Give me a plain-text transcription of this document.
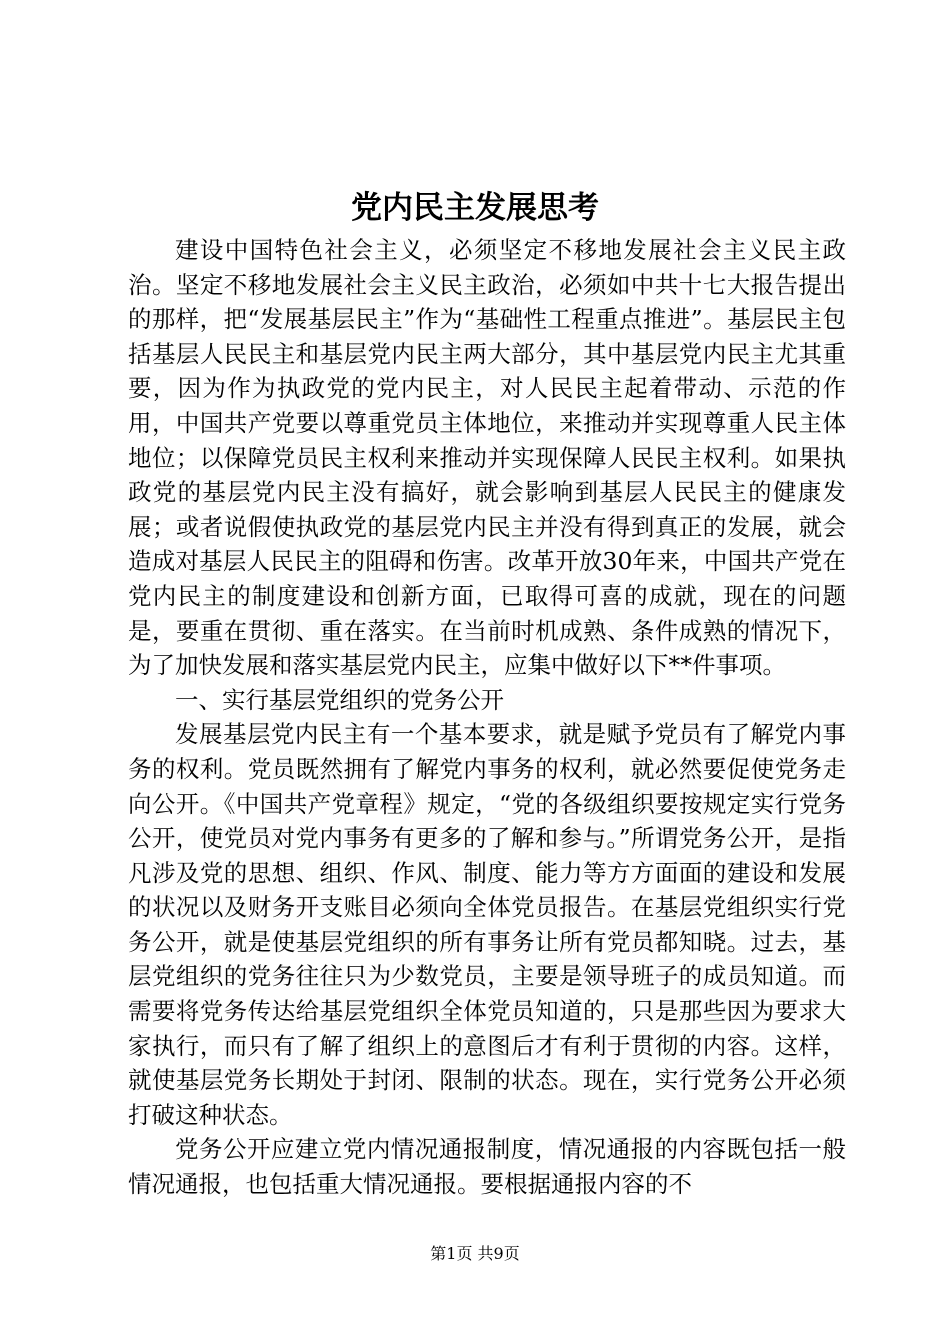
党内民主发展思考

建设中国特色社会主义，必须坚定不移地发展社会主义民主政治。坚定不移地发展社会主义民主政治，必须如中共十七大报告提出的那样，把“发展基层民主”作为“基础性工程重点推进”。基层民主包括基层人民民主和基层党内民主两大部分，其中基层党内民主尤其重要，因为作为执政党的党内民主，对人民民主起着带动、示范的作用，中国共产党要以尊重党员主体地位，来推动并实现尊重人民主体地位；以保障党员民主权利来推动并实现保障人民民主权利。如果执政党的基层党内民主没有搞好，就会影响到基层人民民主的健康发展；或者说假使执政党的基层党内民主并没有得到真正的发展，就会造成对基层人民民主的阻碍和伤害。改革开放30年来，中国共产党在党内民主的制度建设和创新方面，已取得可喜的成就，现在的问题是，要重在贯彻、重在落实。在当前时机成熟、条件成熟的情况下，为了加快发展和落实基层党内民主，应集中做好以下**件事项。

一、实行基层党组织的党务公开

发展基层党内民主有一个基本要求，就是赋予党员有了解党内事务的权利。党员既然拥有了解党内事务的权利，就必然要促使党务走向公开。《中国共产党章程》规定，“党的各级组织要按规定实行党务公开，使党员对党内事务有更多的了解和参与。”所谓党务公开，是指凡涉及党的思想、组织、作风、制度、能力等方方面面的建设和发展的状况以及财务开支账目必须向全体党员报告。在基层党组织实行党务公开，就是使基层党组织的所有事务让所有党员都知晓。过去，基层党组织的党务往往只为少数党员，主要是领导班子的成员知道。而需要将党务传达给基层党组织全体党员知道的，只是那些因为要求大家执行，而只有了解了组织上的意图后才有利于贯彻的内容。这样，就使基层党务长期处于封闭、限制的状态。现在，实行党务公开必须打破这种状态。

党务公开应建立党内情况通报制度，情况通报的内容既包括一般情况通报，也包括重大情况通报。要根据通报内容的不

第1页 共9页
